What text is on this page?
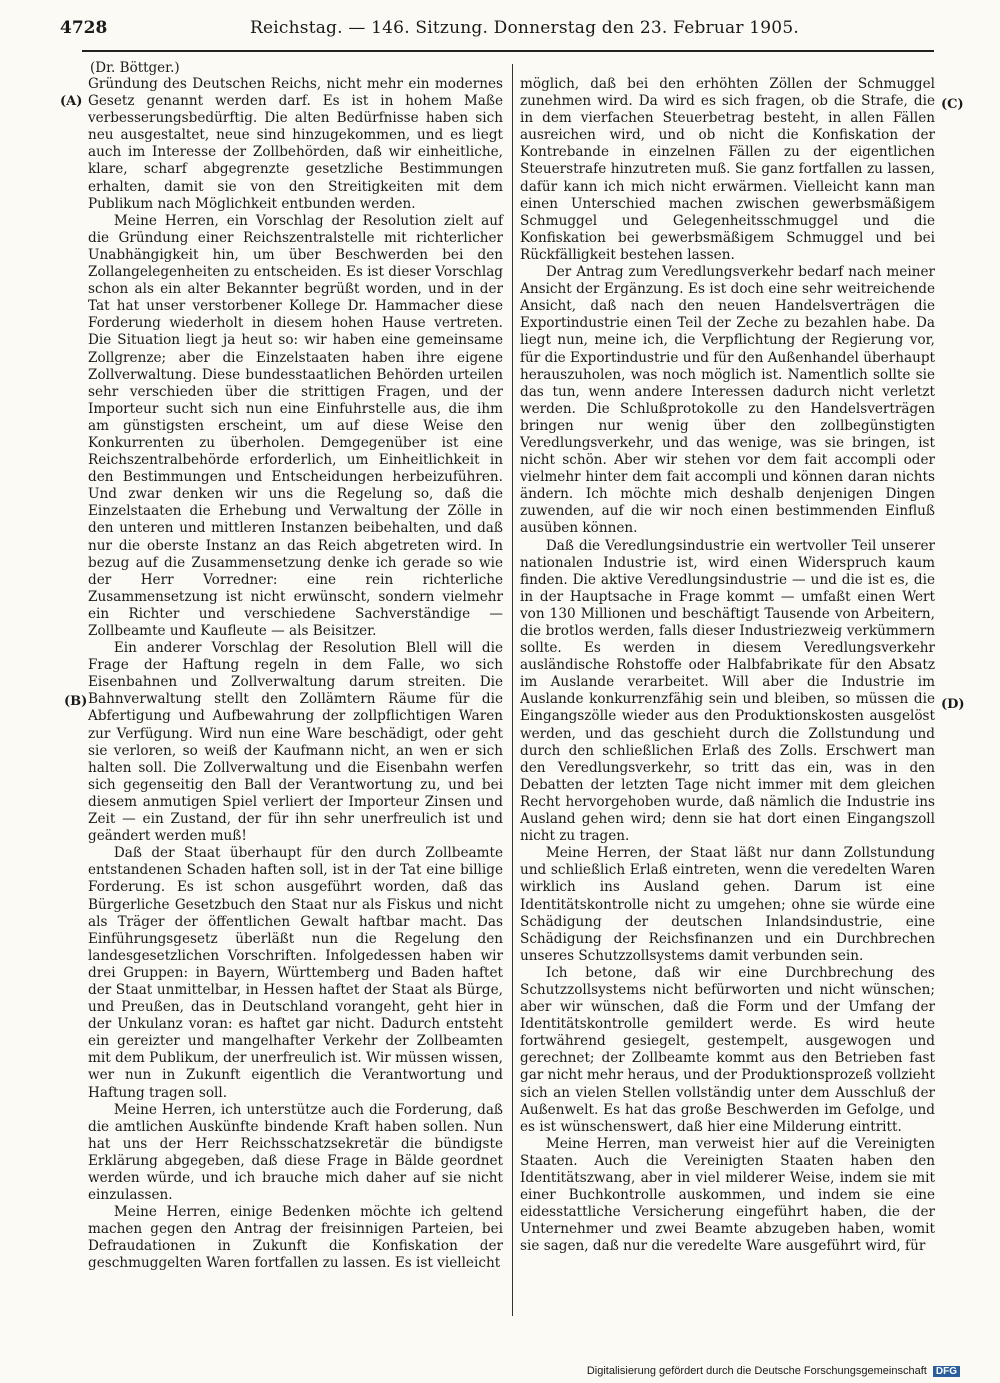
4728	Reichstag. — 146. Sitzung. Donnerstag den 23. Februar 1905.
(Dr. Böttger.)
(A)
(B)
(C)
(D)

Gründung des Deutschen Reichs, nicht mehr ein modernes Gesetz genannt werden darf. Es ist in hohem Maße verbesserungsbedürftig. Die alten Bedürfnisse haben sich neu ausgestaltet, neue sind hinzugekommen, und es liegt auch im Interesse der Zollbehörden, daß wir einheitliche, klare, scharf abgegrenzte gesetzliche Bestimmungen erhalten, damit sie von den Streitigkeiten mit dem Publikum nach Möglichkeit entbunden werden.

Meine Herren, ein Vorschlag der Resolution zielt auf die Gründung einer Reichszentralstelle mit richterlicher Unabhängigkeit hin, um über Beschwerden bei den Zollangelegenheiten zu entscheiden. Es ist dieser Vorschlag schon als ein alter Bekannter begrüßt worden, und in der Tat hat unser verstorbener Kollege Dr. Hammacher diese Forderung wiederholt in diesem hohen Hause vertreten. Die Situation liegt ja heut so: wir haben eine gemeinsame Zollgrenze; aber die Einzelstaaten haben ihre eigene Zollverwaltung. Diese bundesstaatlichen Behörden urteilen sehr verschieden über die strittigen Fragen, und der Importeur sucht sich nun eine Einfuhrstelle aus, die ihm am günstigsten erscheint, um auf diese Weise den Konkurrenten zu überholen. Demgegenüber ist eine Reichszentralbehörde erforderlich, um Einheitlichkeit in den Bestimmungen und Entscheidungen herbeizuführen. Und zwar denken wir uns die Regelung so, daß die Einzelstaaten die Erhebung und Verwaltung der Zölle in den unteren und mittleren Instanzen beibehalten, und daß nur die oberste Instanz an das Reich abgetreten wird. In bezug auf die Zusammensetzung denke ich gerade so wie der Herr Vorredner: eine rein richterliche Zusammensetzung ist nicht erwünscht, sondern vielmehr ein Richter und verschiedene Sachverständige — Zollbeamte und Kaufleute — als Beisitzer.

Ein anderer Vorschlag der Resolution Blell will die Frage der Haftung regeln in dem Falle, wo sich Eisenbahnen und Zollverwaltung darum streiten. Die Bahnverwaltung stellt den Zollämtern Räume für die Abfertigung und Aufbewahrung der zollpflichtigen Waren zur Verfügung. Wird nun eine Ware beschädigt, oder geht sie verloren, so weiß der Kaufmann nicht, an wen er sich halten soll. Die Zollverwaltung und die Eisenbahn werfen sich gegenseitig den Ball der Verantwortung zu, und bei diesem anmutigen Spiel verliert der Importeur Zinsen und Zeit — ein Zustand, der für ihn sehr unerfreulich ist und geändert werden muß!

Daß der Staat überhaupt für den durch Zollbeamte entstandenen Schaden haften soll, ist in der Tat eine billige Forderung. Es ist schon ausgeführt worden, daß das Bürgerliche Gesetzbuch den Staat nur als Fiskus und nicht als Träger der öffentlichen Gewalt haftbar macht. Das Einführungsgesetz überläßt nun die Regelung den landesgesetzlichen Vorschriften. Infolgedessen haben wir drei Gruppen: in Bayern, Württemberg und Baden haftet der Staat unmittelbar, in Hessen haftet der Staat als Bürge, und Preußen, das in Deutschland vorangeht, geht hier in der Unkulanz voran: es haftet gar nicht. Dadurch entsteht ein gereizter und mangelhafter Verkehr der Zollbeamten mit dem Publikum, der unerfreulich ist. Wir müssen wissen, wer nun in Zukunft eigentlich die Verantwortung und Haftung tragen soll.

Meine Herren, ich unterstütze auch die Forderung, daß die amtlichen Auskünfte bindende Kraft haben sollen. Nun hat uns der Herr Reichsschatzsekretär die bündigste Erklärung abgegeben, daß diese Frage in Bälde geordnet werden würde, und ich brauche mich daher auf sie nicht einzulassen.

Meine Herren, einige Bedenken möchte ich geltend machen gegen den Antrag der freisinnigen Parteien, bei Defraudationen in Zukunft die Konfiskation der geschmuggelten Waren fortfallen zu lassen. Es ist vielleicht

möglich, daß bei den erhöhten Zöllen der Schmuggel zunehmen wird. Da wird es sich fragen, ob die Strafe, die in dem vierfachen Steuerbetrag besteht, in allen Fällen ausreichen wird, und ob nicht die Konfiskation der Kontrebande in einzelnen Fällen zu der eigentlichen Steuerstrafe hinzutreten muß. Sie ganz fortfallen zu lassen, dafür kann ich mich nicht erwärmen. Vielleicht kann man einen Unterschied machen zwischen gewerbsmäßigem Schmuggel und Gelegenheitsschmuggel und die Konfiskation bei gewerbsmäßigem Schmuggel und bei Rückfälligkeit bestehen lassen.

Der Antrag zum Veredlungsverkehr bedarf nach meiner Ansicht der Ergänzung. Es ist doch eine sehr weitreichende Ansicht, daß nach den neuen Handelsverträgen die Exportindustrie einen Teil der Zeche zu bezahlen habe. Da liegt nun, meine ich, die Verpflichtung der Regierung vor, für die Exportindustrie und für den Außenhandel überhaupt herauszuholen, was noch möglich ist. Namentlich sollte sie das tun, wenn andere Interessen dadurch nicht verletzt werden. Die Schlußprotokolle zu den Handelsverträgen bringen nur wenig über den zollbegünstigten Veredlungsverkehr, und das wenige, was sie bringen, ist nicht schön. Aber wir stehen vor dem fait accompli oder vielmehr hinter dem fait accompli und können daran nichts ändern. Ich möchte mich deshalb denjenigen Dingen zuwenden, auf die wir noch einen bestimmenden Einfluß ausüben können.

Daß die Veredlungsindustrie ein wertvoller Teil unserer nationalen Industrie ist, wird einen Widerspruch kaum finden. Die aktive Veredlungsindustrie — und die ist es, die in der Hauptsache in Frage kommt — umfaßt einen Wert von 130 Millionen und beschäftigt Tausende von Arbeitern, die brotlos werden, falls dieser Industriezweig verkümmern sollte. Es werden in diesem Veredlungsverkehr ausländische Rohstoffe oder Halbfabrikate für den Absatz im Auslande verarbeitet. Will aber die Industrie im Auslande konkurrenzfähig sein und bleiben, so müssen die Eingangszölle wieder aus den Produktionskosten ausgelöst werden, und das geschieht durch die Zollstundung und durch den schließlichen Erlaß des Zolls. Erschwert man den Veredlungsverkehr, so tritt das ein, was in den Debatten der letzten Tage nicht immer mit dem gleichen Recht hervorgehoben wurde, daß nämlich die Industrie ins Ausland gehen wird; denn sie hat dort einen Eingangszoll nicht zu tragen.

Meine Herren, der Staat läßt nur dann Zollstundung und schließlich Erlaß eintreten, wenn die veredelten Waren wirklich ins Ausland gehen. Darum ist eine Identitätskontrolle nicht zu umgehen; ohne sie würde eine Schädigung der deutschen Inlandsindustrie, eine Schädigung der Reichsfinanzen und ein Durchbrechen unseres Schutzzollsystems damit verbunden sein.

Ich betone, daß wir eine Durchbrechung des Schutzzollsystems nicht befürworten und nicht wünschen; aber wir wünschen, daß die Form und der Umfang der Identitätskontrolle gemildert werde. Es wird heute fortwährend gesiegelt, gestempelt, ausgewogen und gerechnet; der Zollbeamte kommt aus den Betrieben fast gar nicht mehr heraus, und der Produktionsprozeß vollzieht sich an vielen Stellen vollständig unter dem Ausschluß der Außenwelt. Es hat das große Beschwerden im Gefolge, und es ist wünschenswert, daß hier eine Milderung eintritt.

Meine Herren, man verweist hier auf die Vereinigten Staaten. Auch die Vereinigten Staaten haben den Identitätszwang, aber in viel milderer Weise, indem sie mit einer Buchkontrolle auskommen, und indem sie eine eidesstattliche Versicherung eingeführt haben, die der Unternehmer und zwei Beamte abzugeben haben, womit sie sagen, daß nur die veredelte Ware ausgeführt wird, für

Digitalisierung gefördert durch die Deutsche Forschungsgemeinschaft DFG
